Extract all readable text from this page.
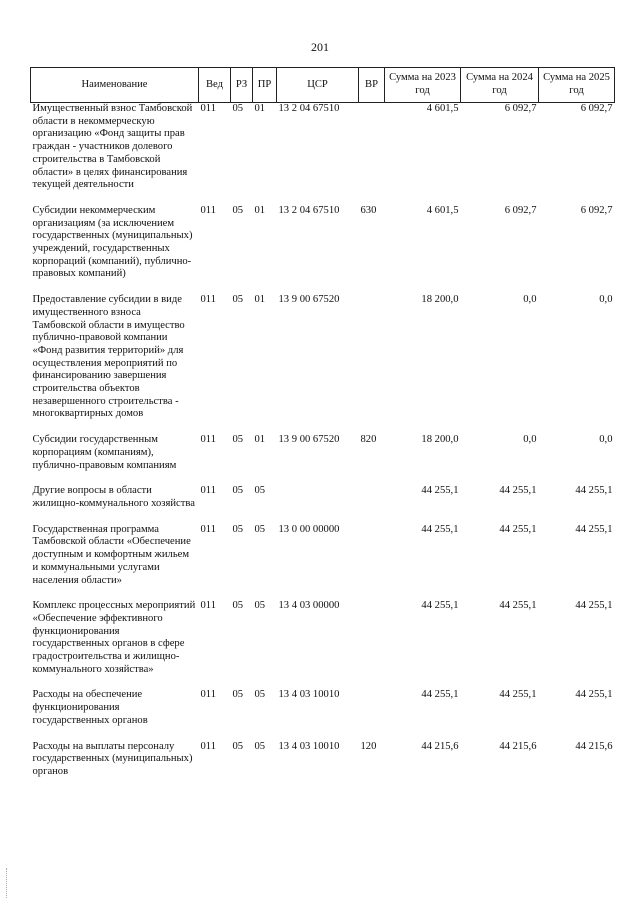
201
Наименование	Вед	РЗ	ПР	ЦСР	ВР	Сумма на 2023 год	Сумма на 2024 год	Сумма на 2025 год
Имущественный взнос Тамбовской области в некоммерческую организацию «Фонд защиты прав граждан - участников долевого строительства в Тамбовской области» в целях финансирования текущей деятельности	011	05	01	13 2 04 67510		4 601,5	6 092,7	6 092,7
Субсидии некоммерческим организациям (за исключением государственных (муниципальных) учреждений, государственных корпораций (компаний), публично-правовых компаний)	011	05	01	13 2 04 67510	630	4 601,5	6 092,7	6 092,7
Предоставление субсидии в виде имущественного взноса Тамбовской области в имущество публично-правовой компании «Фонд развития территорий» для осуществления мероприятий по финансированию завершения строительства объектов незавершенного строительства - многоквартирных домов	011	05	01	13 9 00 67520		18 200,0	0,0	0,0
Субсидии государственным корпорациям (компаниям), публично-правовым компаниям	011	05	01	13 9 00 67520	820	18 200,0	0,0	0,0
Другие вопросы в области жилищно-коммунального хозяйства	011	05	05			44 255,1	44 255,1	44 255,1
Государственная программа Тамбовской области «Обеспечение доступным и комфортным жильем и коммунальными услугами населения области»	011	05	05	13 0 00 00000		44 255,1	44 255,1	44 255,1
Комплекс процессных мероприятий «Обеспечение эффективного функционирования государственных органов в сфере градостроительства и жилищно-коммунального хозяйства»	011	05	05	13 4 03 00000		44 255,1	44 255,1	44 255,1
Расходы на обеспечение функционирования государственных органов	011	05	05	13 4 03 10010		44 255,1	44 255,1	44 255,1
Расходы на выплаты персоналу государственных (муниципальных) органов	011	05	05	13 4 03 10010	120	44 215,6	44 215,6	44 215,6
